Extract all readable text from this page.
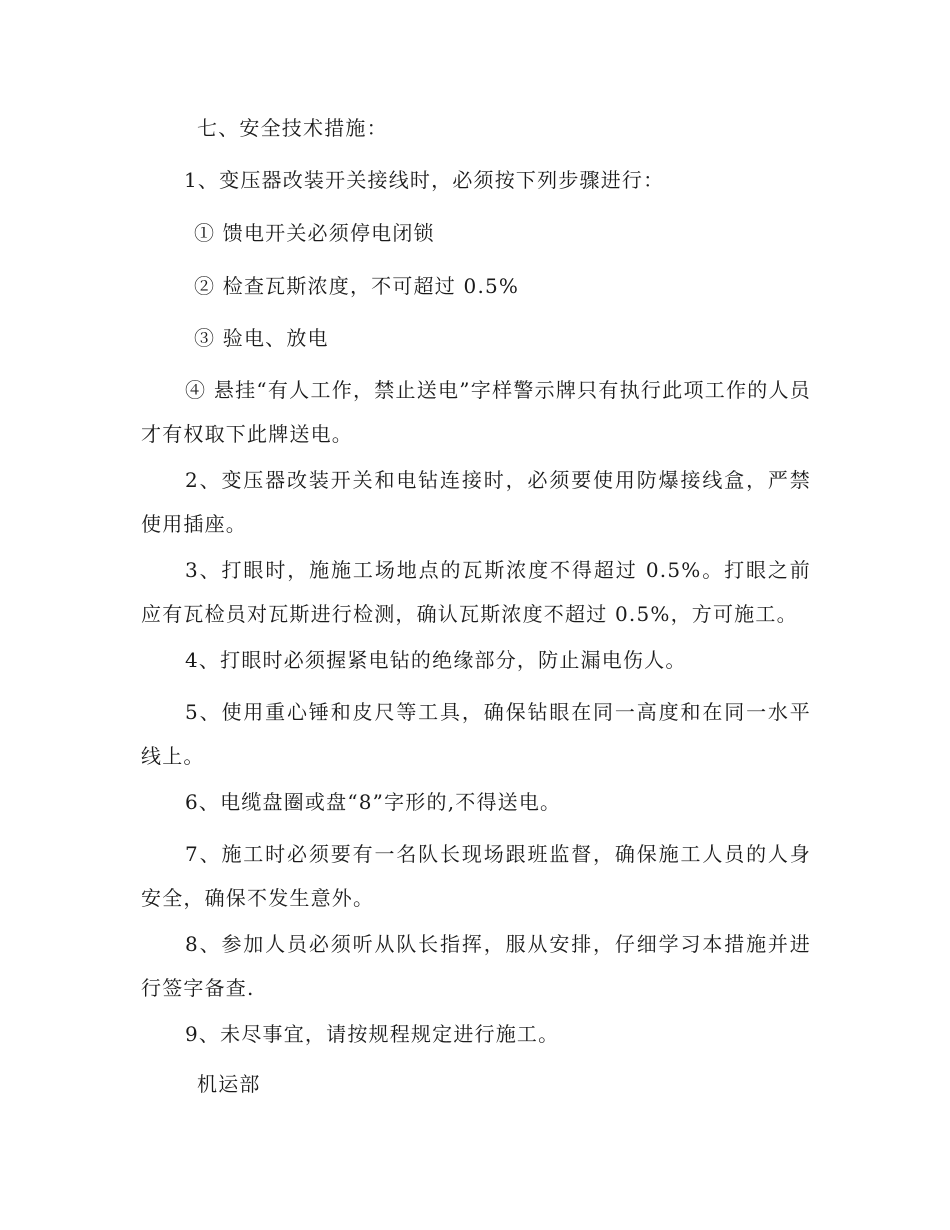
七、安全技术措施：
1、变压器改装开关接线时，必须按下列步骤进行：
① 馈电开关必须停电闭锁
② 检查瓦斯浓度，不可超过 0.5%
③ 验电、放电
④ 悬挂“有人工作，禁止送电”字样警示牌只有执行此项工作的人员才有权取下此牌送电。
2、变压器改装开关和电钻连接时，必须要使用防爆接线盒，严禁使用插座。
3、打眼时，施施工场地点的瓦斯浓度不得超过 0.5%。打眼之前应有瓦检员对瓦斯进行检测，确认瓦斯浓度不超过 0.5%，方可施工。
4、打眼时必须握紧电钻的绝缘部分，防止漏电伤人。
5、使用重心锤和皮尺等工具，确保钻眼在同一高度和在同一水平线上。
6、电缆盘圈或盘“8”字形的,不得送电。
7、施工时必须要有一名队长现场跟班监督，确保施工人员的人身安全，确保不发生意外。
8、参加人员必须听从队长指挥，服从安排，仔细学习本措施并进行签字备查.
9、未尽事宜，请按规程规定进行施工。
机运部
